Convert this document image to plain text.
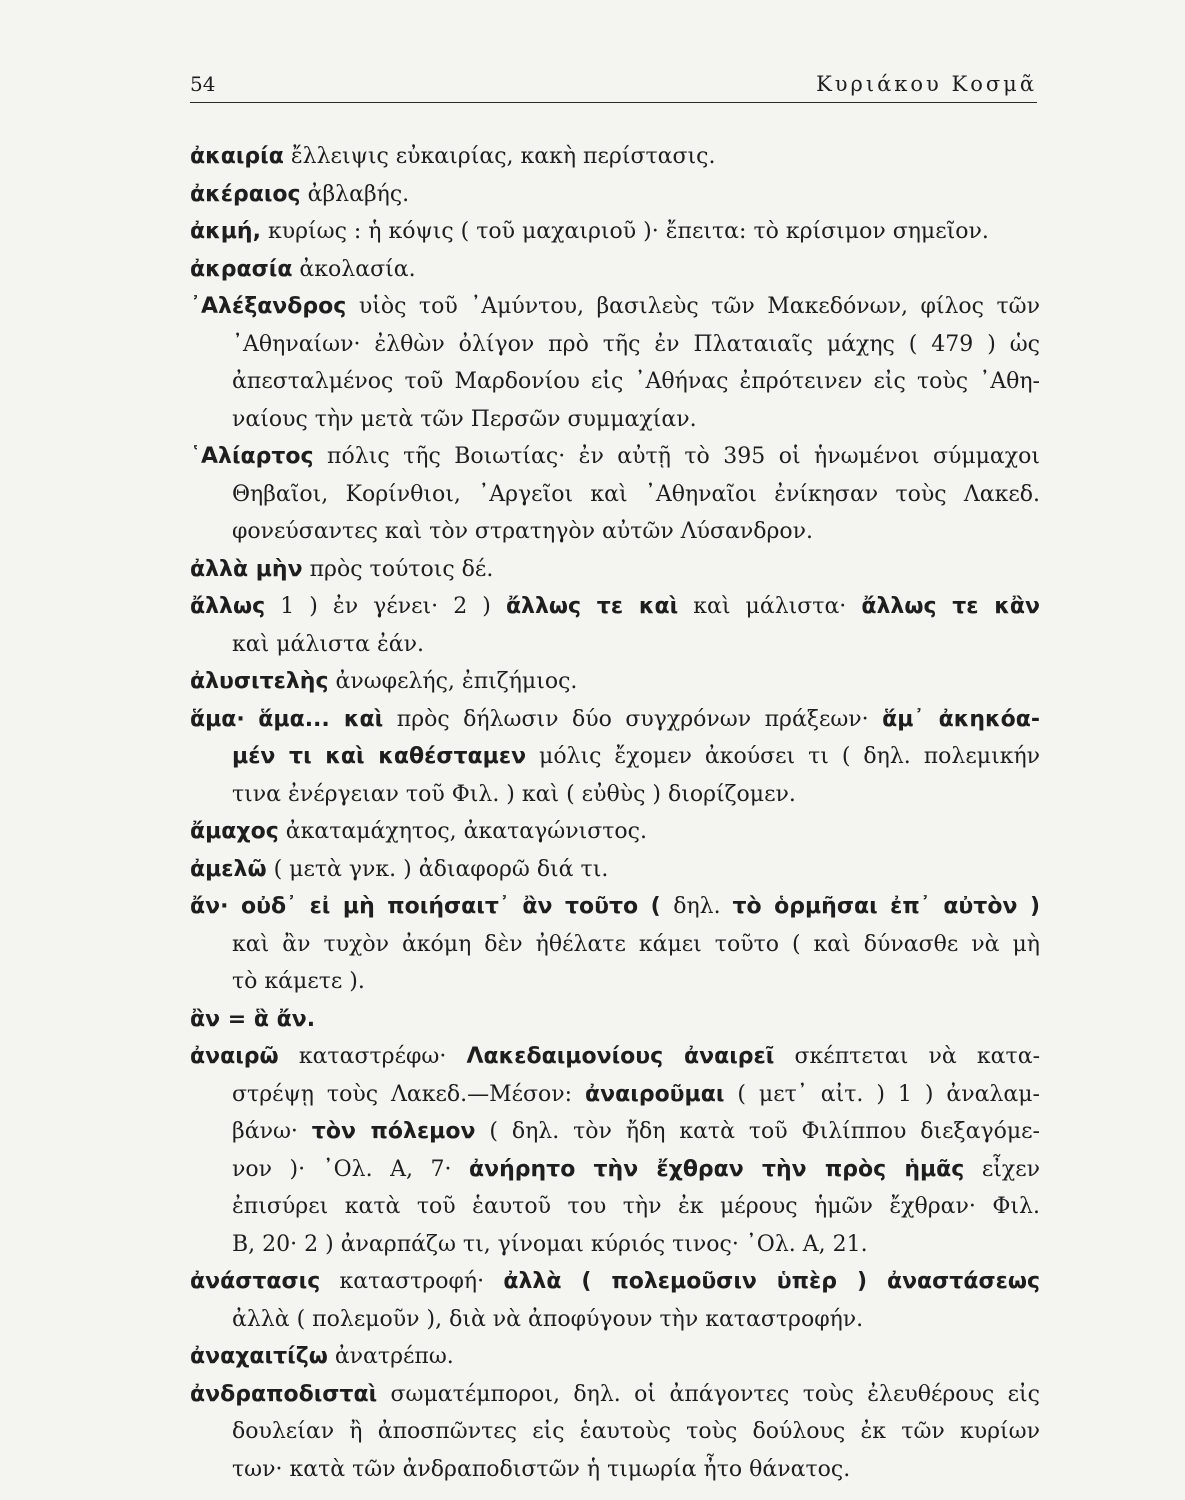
54	Κυριάκου Κοσμᾶ
ἀκαιρία ἔλλειψις εὐκαιρίας, κακὴ περίστασις.
ἀκέραιος ἀβλαβής.
ἀκμή, κυρίως : ἡ κόψις ( τοῦ μαχαιριοῦ )· ἔπειτα: τὸ κρίσιμον σημεῖον.
ἀκρασία ἀκολασία.
᾿Αλέξανδρος υἱὸς τοῦ ᾿Αμύντου, βασιλεὺς τῶν Μακεδόνων, φίλος τῶν
᾿Αθηναίων· ἐλθὼν ὀλίγον πρὸ τῆς ἐν Πλαταιαῖς μάχης ( 479 ) ὡς
ἀπεσταλμένος τοῦ Μαρδονίου εἰς ᾿Αθήνας ἐπρότεινεν εἰς τοὺς ᾿Αθη-
ναίους τὴν μετὰ τῶν Περσῶν συμμαχίαν.
῾Αλίαρτος πόλις τῆς Βοιωτίας· ἐν αὐτῇ τὸ 395 οἱ ἡνωμένοι σύμμαχοι
Θηβαῖοι, Κορίνθιοι, ᾿Αργεῖοι καὶ ᾿Αθηναῖοι ἐνίκησαν τοὺς Λακεδ.
φονεύσαντες καὶ τὸν στρατηγὸν αὐτῶν Λύσανδρον.
ἀλλὰ μὴν πρὸς τούτοις δέ.
ἄλλως 1 ) ἐν γένει· 2 ) ἄλλως τε καὶ καὶ μάλιστα· ἄλλως τε κἂν
καὶ μάλιστα ἐάν.
ἀλυσιτελὴς ἀνωφελής, ἐπιζήμιος.
ἅμα· ἅμα... καὶ πρὸς δήλωσιν δύο συγχρόνων πράξεων· ἅμ᾿ ἀκηκόα-
μέν τι καὶ καθέσταμεν μόλις ἔχομεν ἀκούσει τι ( δηλ. πολεμικήν
τινα ἐνέργειαν τοῦ Φιλ. ) καὶ ( εὐθὺς ) διορίζομεν.
ἄμαχος ἀκαταμάχητος, ἀκαταγώνιστος.
ἀμελῶ ( μετὰ γνκ. ) ἀδιαφορῶ διά τι.
ἄν· οὐδ᾿ εἰ μὴ ποιήσαιτ᾿ ἂν τοῦτο ( δηλ. τὸ ὁρμῆσαι ἐπ᾿ αὐτὸν )
καὶ ἂν τυχὸν ἀκόμη δὲν ἠθέλατε κάμει τοῦτο ( καὶ δύνασθε νὰ μὴ
τὸ κάμετε ).
ἂν = ἃ ἄν.
ἀναιρῶ καταστρέφω· Λακεδαιμονίους ἀναιρεῖ σκέπτεται νὰ κατα-
στρέψῃ τοὺς Λακεδ.—Μέσον: ἀναιροῦμαι ( μετ᾿ αἰτ. ) 1 ) ἀναλαμ-
βάνω· τὸν πόλεμον ( δηλ. τὸν ἤδη κατὰ τοῦ Φιλίππου διεξαγόμε-
νον )· ᾿Ολ. Α, 7· ἀνήρητο τὴν ἔχθραν τὴν πρὸς ἡμᾶς εἶχεν
ἐπισύρει κατὰ τοῦ ἑαυτοῦ του τὴν ἐκ μέρους ἡμῶν ἔχθραν· Φιλ.
Β, 20· 2 ) ἀναρπάζω τι, γίνομαι κύριός τινος· ᾿Ολ. Α, 21.
ἀνάστασις καταστροφή· ἀλλὰ ( πολεμοῦσιν ὑπὲρ ) ἀναστάσεως
ἀλλὰ ( πολεμοῦν ), διὰ νὰ ἀποφύγουν τὴν καταστροφήν.
ἀναχαιτίζω ἀνατρέπω.
ἀνδραποδισταὶ σωματέμποροι, δηλ. οἱ ἀπάγοντες τοὺς ἐλευθέρους εἰς
δουλείαν ἢ ἀποσπῶντες εἰς ἑαυτοὺς τοὺς δούλους ἐκ τῶν κυρίων
των· κατὰ τῶν ἀνδραποδιστῶν ἡ τιμωρία ἦτο θάνατος.
